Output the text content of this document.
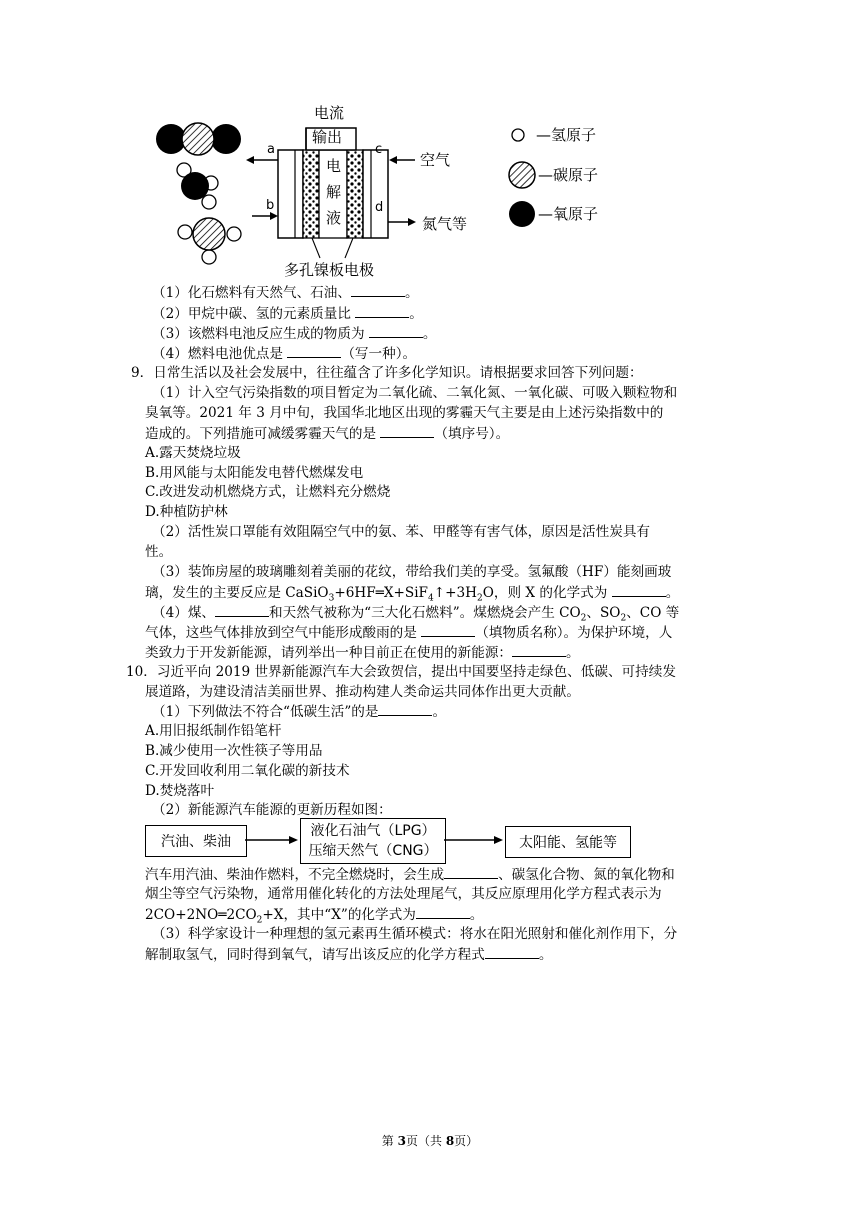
电流
输出
电
解
液
a
b
c
d
空气
氮气等
多孔镍板电极
—氢原子
—碳原子
—氧原子
（1）化石燃料有天然气、石油、	。
（2）甲烷中碳、氢的元素质量比	。
（3）该燃料电池反应生成的物质为	。
（4）燃料电池优点是	（写一种）。
9．日常生活以及社会发展中，往往蕴含了许多化学知识。请根据要求回答下列问题：
（1）计入空气污染指数的项目暂定为二氧化硫、二氧化氮、一氧化碳、可吸入颗粒物和
臭氧等。2021 年 3 月中旬，我国华北地区出现的雾霾天气主要是由上述污染指数中的
造成的。下列措施可减缓雾霾天气的是	（填序号）。
A.露天焚烧垃圾
B.用风能与太阳能发电替代燃煤发电
C.改进发动机燃烧方式，让燃料充分燃烧
D.种植防护林
（2）活性炭口罩能有效阻隔空气中的氨、苯、甲醛等有害气体，原因是活性炭具有
性。
（3）装饰房屋的玻璃雕刻着美丽的花纹，带给我们美的享受。氢氟酸（HF）能刻画玻
璃，发生的主要反应是 $CaSiO_3+6HF═X+SiF_4↑+3H_2O$，则 X 的化学式为	。
（4）煤、	和天然气被称为“三大化石燃料”。煤燃烧会产生 $CO_2$、$SO_2$、CO 等
气体，这些气体排放到空气中能形成酸雨的是	（填物质名称）。为保护环境，人
类致力于开发新能源，请列举出一种目前正在使用的新能源：	。
10．习近平向 2019 世界新能源汽车大会致贺信，提出中国要坚持走绿色、低碳、可持续发
展道路，为建设清洁美丽世界、推动构建人类命运共同体作出更大贡献。
（1）下列做法不符合“低碳生活”的是	。
A.用旧报纸制作铅笔杆
B.减少使用一次性筷子等用品
C.开发回收利用二氧化碳的新技术
D.焚烧落叶
（2）新能源汽车能源的更新历程如图：
汽油、柴油
液化石油气（LPG）
压缩天然气（CNG）	太阳能、氢能等
汽车用汽油、柴油作燃料，不完全燃烧时，会生成	、碳氢化合物、氮的氧化物和
烟尘等空气污染物，通常用催化转化的方法处理尾气，其反应原理用化学方程式表示为
$2CO+2NO═2CO_2+X$，其中“X”的化学式为	。
（3）科学家设计一种理想的氢元素再生循环模式：将水在阳光照射和催化剂作用下，分
解制取氢气，同时得到氧气，请写出该反应的化学方程式	。
第 3页（共 8页）
